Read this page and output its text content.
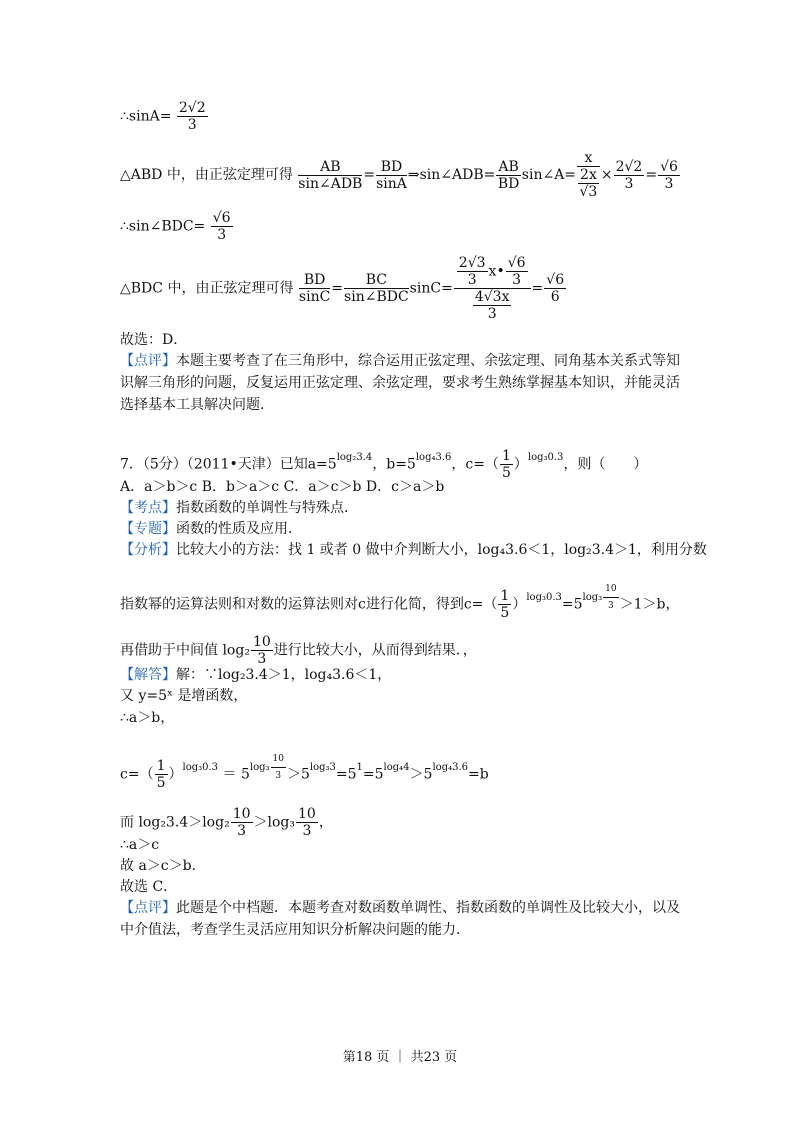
∴sinA= $\frac{2√2}{3}$
△ABD 中，由正弦定理可得 $\frac{AB}{\text{sin∠ADB}} = \frac{BD}{\sin A}$ ⇒sin∠ADB= $\frac{AB}{BD}$ sin∠A= $\frac{x}{\frac{2x}{√3}} \times \frac{2√2}{3} = \frac{√6}{3}$
∴sin∠BDC= $\frac{√6}{3}$
△BDC 中，由正弦定理可得 $\frac{BD}{\sin C} = \frac{BC}{\text{sin∠BDC}} \sin C= \frac{\frac{2√3}{3} x• \frac{√6}{3}}{\frac{4√3x}{3}} = \frac{√6}{6}$
故选：D．
【点评】本题主要考查了在三角形中，综合运用正弦定理、余弦定理、同角基本关系式等知
识解三角形的问题，反复运用正弦定理、余弦定理，要求考生熟练掌握基本知识，并能灵活
选择基本工具解决问题．
7．（5分）（2011•天津）已知$a=5^{log_23.4}$，$b=5^{log_43.6}$，$c=( \frac{1}{5} )^{log_30.3}$，则（　　）
A．a＞b＞c B．b＞a＞c C．a＞c＞b D．c＞a＞b
【考点】指数函数的单调性与特殊点．
【专题】函数的性质及应用．
【分析】比较大小的方法：找 1 或者 0 做中介判断大小，log₄3.6＜1，log₂3.4＞1，利用分数
指数幂的运算法则和对数的运算法则对c进行化简，得到$c=( \frac{1}{5} )^{log_30.3}=5^{log_3 \frac{10}{3}} >1>b$，
再借助于中间值 $\log_2 \frac{10}{3}$ 进行比较大小，从而得到结果．，
【解答】解：∵log₂3.4＞1，log₄3.6＜1，
又 y=5ˣ 是增函数，
∴a＞b，
$c=( \frac{1}{5} )^{log_30.3} = 5^{log_3 \frac{10}{3}} >5^{log_33}=5^1=5^{log_44}>5^{log_43.6}=b$
而 $\log_23.4>\log_2 \frac{10}{3} >\log_3 \frac{10}{3}$ ，
∴a＞c
故 a＞c＞b．
故选 C．
【点评】此题是个中档题．本题考查对数函数单调性、指数函数的单调性及比较大小，以及
中介值法，考查学生灵活应用知识分析解决问题的能力．
第18 页 ｜ 共23 页
